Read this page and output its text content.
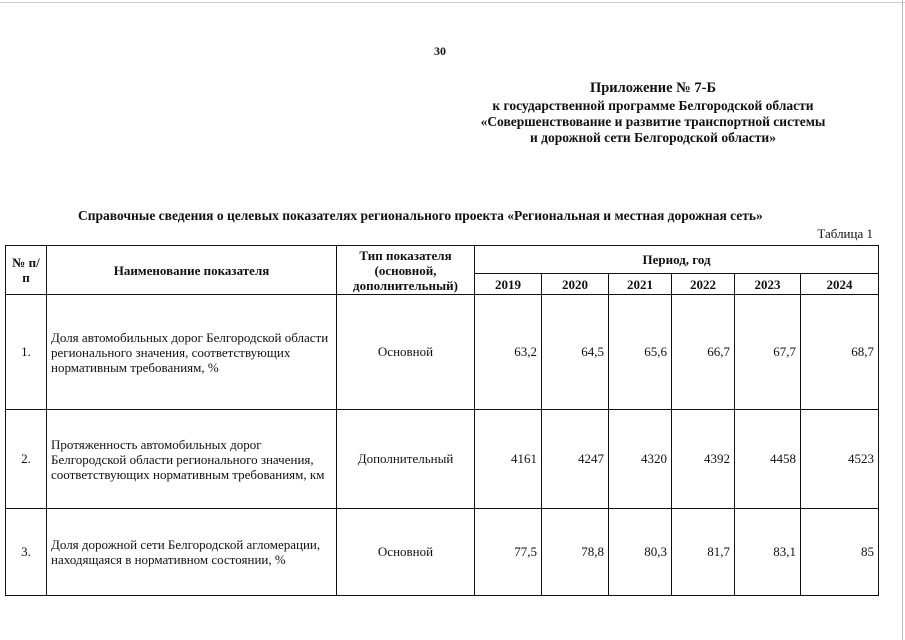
30
Приложение № 7-Б
к государственной программе Белгородской области
«Совершенствование и развитие транспортной системы
и дорожной сети Белгородской области»
Справочные сведения о целевых показателях регионального проекта «Региональная и местная дорожная сеть»
Таблица 1
№ п/п	Наименование показателя	Тип показателя (основной, дополнительный)	Период, год					
			2019	2020	2021	2022	2023	2024
1.	Доля автомобильных дорог Белгородской области регионального значения, соответствующих нормативным требованиям, %	Основной	63,2	64,5	65,6	66,7	67,7	68,7
2.	Протяженность автомобильных дорог Белгородской области регионального значения, соответствующих нормативным требованиям, км	Дополнительный	4161	4247	4320	4392	4458	4523
3.	Доля дорожной сети Белгородской агломерации, находящаяся в нормативном состоянии, %	Основной	77,5	78,8	80,3	81,7	83,1	85
